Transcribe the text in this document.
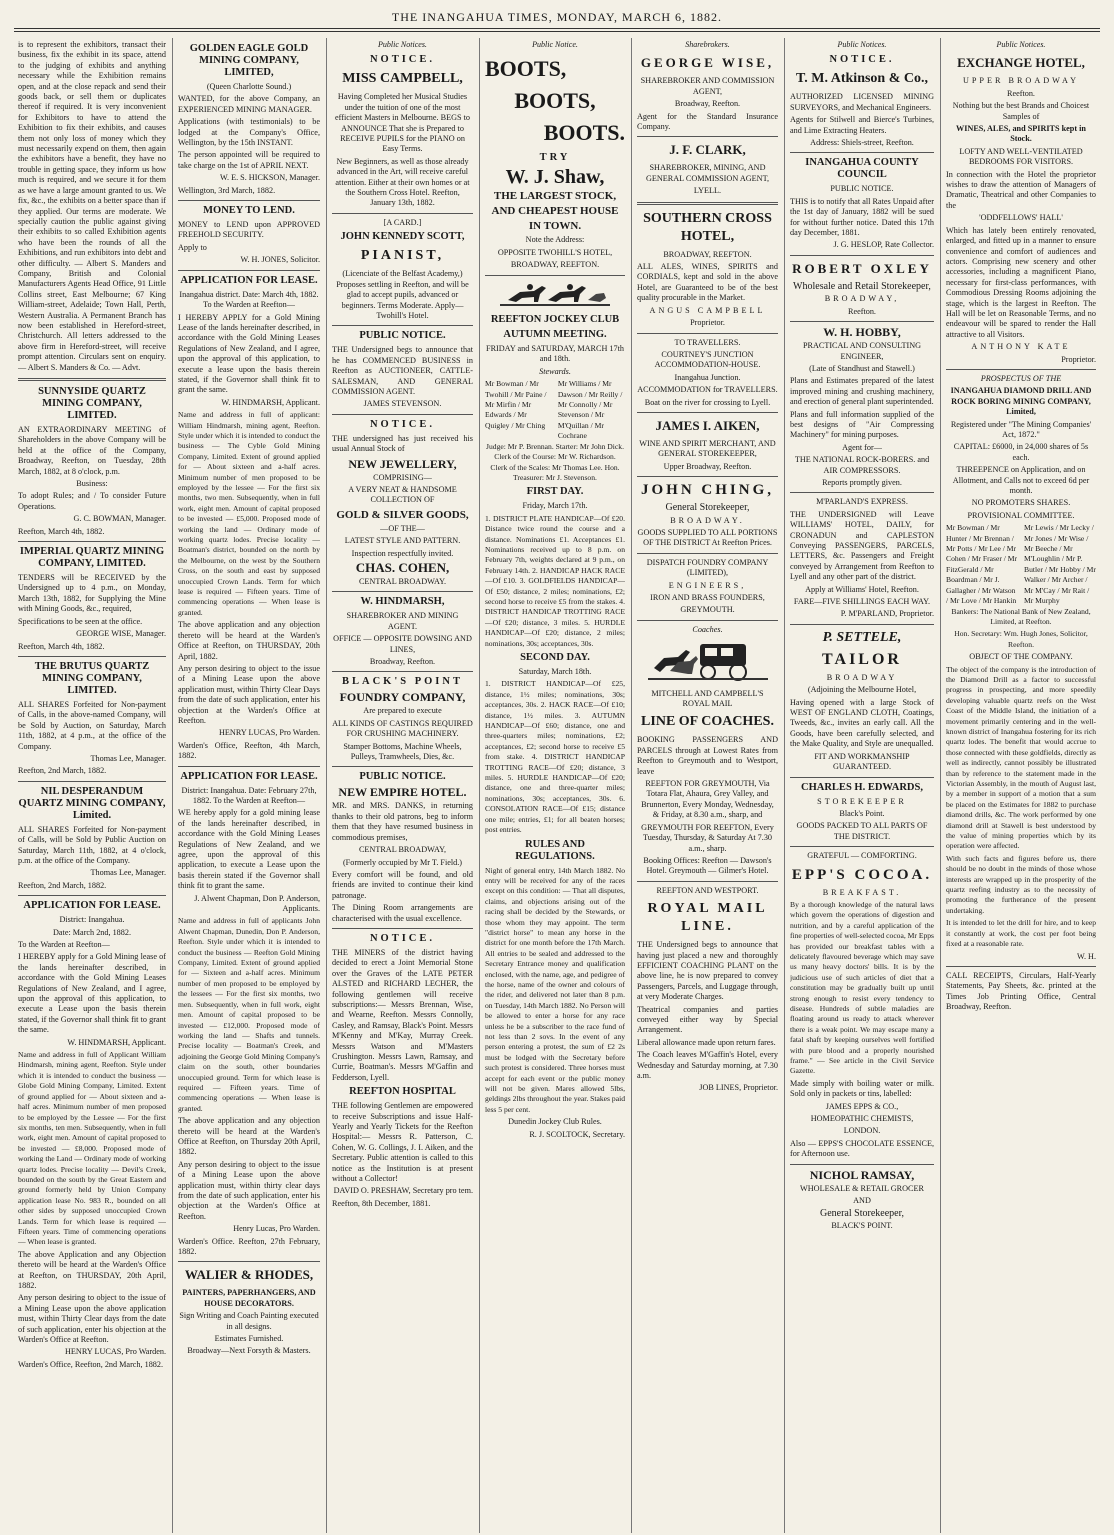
THE INANGAHUA TIMES, MONDAY, MARCH 6, 1882.

is to represent the exhibitors, transact their business, fix the exhibit in its space, attend to the judging of exhibits and anything necessary while the Exhibition remains open, and at the close repack and send their goods back, or sell them or duplicates thereof if required. It is very inconvenient for Exhibitors to have to attend the Exhibition to fix their exhibits, and causes them not only loss of money which they must necessarily expend on them, then again the exhibitors have a benefit, they have no trouble in getting space, they inform us how much is required, and we secure it for them as we have a large amount granted to us. We fix, &c., the exhibits on a better space than if they applied. Our terms are moderate. We specially caution the public against giving their exhibits to so called Exhibition agents who have been the rounds of all the Exhibitions, and run exhibitors into debt and other difficulty. — Albert S. Manders and Company, British and Colonial Manufacturers Agents Head Office, 91 Little Collins street, East Melbourne; 67 King William-street, Adelaide; Town Hall, Perth, Western Australia. A Permanent Branch has now been established in Hereford-street, Christchurch. All letters addressed to the above firm in Hereford-street, will receive prompt attention. Circulars sent on enquiry. — Albert S. Manders & Co. — Advt.

SUNNYSIDE QUARTZ MINING COMPANY, LIMITED.

AN EXTRAORDINARY MEETING of Shareholders in the above Company will be held at the office of the Company, Broadway, Reefton, on Tuesday, 28th March, 1882, at 8 o'clock, p.m.

Business:

To adopt Rules; and / To consider Future Operations.

G. C. BOWMAN, Manager.

Reefton, March 4th, 1882.

IMPERIAL QUARTZ MINING COMPANY, LIMITED.

TENDERS will be RECEIVED by the Undersigned up to 4 p.m., on Monday, March 13th, 1882, for Supplying the Mine with Mining Goods, &c., required,

Specifications to be seen at the office.

GEORGE WISE, Manager.

Reefton, March 4th, 1882.

THE BRUTUS QUARTZ MINING COMPANY, LIMITED.

ALL SHARES Forfeited for Non-payment of Calls, in the above-named Company, will be Sold by Auction, on Saturday, March 11th, 1882, at 4 p.m., at the office of the Company.

Thomas Lee, Manager.

Reefton, 2nd March, 1882.

NIL DESPERANDUM QUARTZ MINING COMPANY, Limited.

ALL SHARES Forfeited for Non-payment of Calls, will be Sold by Public Auction on Saturday, March 11th, 1882, at 4 o'clock, p.m. at the office of the Company.

Thomas Lee, Manager.

Reefton, 2nd March, 1882.

APPLICATION FOR LEASE.

District: Inangahua.

Date: March 2nd, 1882.

To the Warden at Reefton—

I HEREBY apply for a Gold Mining lease of the lands hereinafter described, in accordance with the Gold Mining Leases Regulations of New Zealand, and I agree, upon the approval of this application, to execute a Lease upon the basis therein stated, if the Governor shall think fit to grant the same.

W. HINDMARSH, Applicant.

Name and address in full of Applicant William Hindmarsh, mining agent, Reefton. Style under which it is intended to conduct the business — Globe Gold Mining Company, Limited. Extent of ground applied for — About sixteen and a-half acres. Minimum number of men proposed to be employed by the Lessee — For the first six months, ten men. Subsequently, when in full work, eight men. Amount of capital proposed to be invested — £8,000. Proposed mode of working the Land — Ordinary mode of working quartz lodes. Precise locality — Devil's Creek, bounded on the south by the Great Eastern and ground formerly held by Union Company application lease No. 983 R., bounded on all other sides by supposed unoccupied Crown Lands. Term for which lease is required — Fifteen years. Time of commencing operations — When lease is granted.

The above Application and any Objection thereto will be heard at the Warden's Office at Reefton, on THURSDAY, 20th April, 1882.

Any person desiring to object to the issue of a Mining Lease upon the above application must, within Thirty Clear days from the date of such application, enter his objection at the Warden's Office at Reefton.

HENRY LUCAS, Pro Warden.

Warden's Office, Reefton, 2nd March, 1882.

GOLDEN EAGLE GOLD MINING COMPANY, LIMITED,

(Queen Charlotte Sound.)

WANTED, for the above Company, an EXPERIENCED MINING MANAGER.

Applications (with testimonials) to be lodged at the Company's Office, Wellington, by the 15th INSTANT.

The person appointed will be required to take charge on the 1st of APRIL NEXT.

W. E. S. HICKSON, Manager.

Wellington, 3rd March, 1882.

MONEY TO LEND.

MONEY to LEND upon APPROVED FREEHOLD SECURITY.

Apply to

W. H. JONES, Solicitor.

APPLICATION FOR LEASE.

Inangahua district. Date: March 4th, 1882. To the Warden at Reefton—

I HEREBY APPLY for a Gold Mining Lease of the lands hereinafter described, in accordance with the Gold Mining Leases Regulations of New Zealand, and I agree, upon the approval of this application, to execute a lease upon the basis therein stated, if the Governor shall think fit to grant the same.

W. HINDMARSH, Applicant.

Name and address in full of applicant: William Hindmarsh, mining agent, Reefton. Style under which it is intended to conduct the business — The Cyble Gold Mining Company, Limited. Extent of ground applied for — About sixteen and a-half acres. Minimum number of men proposed to be employed by the lessee — For the first six months, two men. Subsequently, when in full work, eight men. Amount of capital proposed to be invested — £5,000. Proposed mode of working the land — Ordinary mode of working quartz lodes. Precise locality — Boatman's district, bounded on the north by the Melbourne, on the west by the Southern Cross, on the south and east by supposed unoccupied Crown Lands. Term for which lease is required — Fifteen years. Time of commencing operations — When lease is granted.

The above application and any objection thereto will be heard at the Warden's Office at Reefton, on THURSDAY, 20th April, 1882.

Any person desiring to object to the issue of a Mining Lease upon the above application must, within Thirty Clear Days from the date of such application, enter his objection at the Warden's Office at Reefton.

HENRY LUCAS, Pro Warden.

Warden's Office, Reefton, 4th March, 1882.

APPLICATION FOR LEASE.

District: Inangahua. Date: February 27th, 1882. To the Warden at Reefton—

WE hereby apply for a gold mining lease of the lands hereinafter described, in accordance with the Gold Mining Leases Regulations of New Zealand, and we agree, upon the approval of this application, to execute a Lease upon the basis therein stated if the Governor shall think fit to grant the same.

J. Alwent Chapman, Don P. Anderson, Applicants.

Name and address in full of applicants John Alwent Chapman, Dunedin, Don P. Anderson, Reefton. Style under which it is intended to conduct the business — Reefton Gold Mining Company, Limited. Extent of ground applied for — Sixteen and a-half acres. Minimum number of men proposed to be employed by the lessees — For the first six months, two men. Subsequently, when in full work, eight men. Amount of capital proposed to be invested — £12,000. Proposed mode of working the land — Shafts and tunnels. Precise locality — Boatman's Creek, and adjoining the George Gold Mining Company's claim on the south, other boundaries unoccupied ground. Term for which lease is required — Fifteen years. Time of commencing operations — When lease is granted.

The above application and any objection thereto will be heard at the Warden's Office at Reefton, on Thursday 20th April, 1882.

Any person desiring to object to the issue of a Mining Lease upon the above application must, within thirty clear days from the date of such application, enter his objection at the Warden's Office at Reefton.

Henry Lucas, Pro Warden.

Warden's Office. Reefton, 27th February, 1882.

WALIER & RHODES,

PAINTERS, PAPERHANGERS, AND HOUSE DECORATORS.

Sign Writing and Coach Painting executed in all designs.

Estimates Furnished.

Broadway—Next Forsyth & Masters.

Public Notices.
NOTICE.
MISS CAMPBELL,

Having Completed her Musical Studies under the tuition of one of the most efficient Masters in Melbourne. BEGS to ANNOUNCE That she is Prepared to RECEIVE PUPILS for the PIANO on Easy Terms.

New Beginners, as well as those already advanced in the Art, will receive careful attention. Either at their own homes or at the Southern Cross Hotel. Reefton, January 13th, 1882.

[A CARD.]

JOHN KENNEDY SCOTT,
PIANIST,

(Licenciate of the Belfast Academy,) Proposes settling in Reefton, and will be glad to accept pupils, advanced or beginners. Terms Moderate. Apply—Twohill's Hotel.

PUBLIC NOTICE.

THE Undersigned begs to announce that he has COMMENCED BUSINESS in Reefton as AUCTIONEER, CATTLE-SALESMAN, AND GENERAL COMMISSION AGENT.

JAMES STEVENSON.

NOTICE.

THE undersigned has just received his usual Annual Stock of

NEW JEWELLERY,

COMPRISING—

A VERY NEAT & HANDSOME COLLECTION OF

GOLD & SILVER GOODS,

—OF THE—

LATEST STYLE AND PATTERN.

Inspection respectfully invited.

CHAS. COHEN,

CENTRAL BROADWAY.

W. HINDMARSH,

SHAREBROKER AND MINING AGENT.

OFFICE — OPPOSITE DOWSING AND LINES,

Broadway, Reefton.

BLACK'S POINT
FOUNDRY COMPANY,

Are prepared to execute

ALL KINDS OF CASTINGS REQUIRED FOR CRUSHING MACHINERY.

Stamper Bottoms, Machine Wheels, Pulleys, Tramwheels, Dies, &c.

PUBLIC NOTICE.
NEW EMPIRE HOTEL.

MR. and MRS. DANKS, in returning thanks to their old patrons, beg to inform them that they have resumed business in commodious premises,

CENTRAL BROADWAY,

(Formerly occupied by Mr T. Field.)

Every comfort will be found, and old friends are invited to continue their kind patronage.

The Dining Room arrangements are characterised with the usual excellence.

NOTICE.

THE MINERS of the district having decided to erect a Joint Memorial Stone over the Graves of the LATE PETER ALSTED and RICHARD LECHER, the following gentlemen will receive subscriptions:— Messrs Brennan, Wise, and Wearne, Reefton. Messrs Connolly, Casley, and Ramsay, Black's Point. Messrs M'Kenny and M'Kay, Murray Creek. Messrs Watson and M'Masters Crushington. Messrs Lawn, Ramsay, and Currie, Boatman's. Messrs M'Gaffin and Fedderson, Lyell.

REEFTON HOSPITAL

THE following Gentlemen are empowered to receive Subscriptions and issue Half-Yearly and Yearly Tickets for the Reefton Hospital:— Messrs R. Patterson, C. Cohen, W. G. Collings, J. I. Aiken, and the Secretary. Public attention is called to this notice as the Institution is at present without a Collector!

DAVID O. PRESHAW, Secretary pro tem.

Reefton, 8th December, 1881.

Public Notice.
BOOTS,
BOOTS,
BOOTS.
TRY
W. J. Shaw,
THE LARGEST STOCK,
AND CHEAPEST HOUSE
IN TOWN.

Note the Address:

OPPOSITE TWOHILL'S HOTEL,

BROADWAY, REEFTON.

REEFTON JOCKEY CLUB
AUTUMN MEETING.

FRIDAY and SATURDAY, MARCH 17th and 18th.

Stewards.

Mr Bowman / Mr Twohill / Mr Paine / Mr Mirfin / Mr Edwards / Mr Quigley / Mr Ching
Mr Williams / Mr Dawson / Mr Reilly / Mr Connolly / Mr Stevenson / Mr M'Quillan / Mr Cochrane

Judge: Mr P. Brennan. Starter: Mr John Dick. Clerk of the Course: Mr W. Richardson. Clerk of the Scales: Mr Thomas Lee. Hon. Treasurer: Mr J. Stevenson.

FIRST DAY.

Friday, March 17th.

1. DISTRICT PLATE HANDICAP—Of £20. Distance twice round the course and a distance. Nominations £1. Acceptances £1. Nominations received up to 8 p.m. on February 7th, weights declared at 9 p.m., on February 14th. 2. HANDICAP HACK RACE—Of £10. 3. GOLDFIELDS HANDICAP—Of £50; distance, 2 miles; nominations, £2; second horse to receive £5 from the stakes. 4. DISTRICT HANDICAP TROTTING RACE—Of £20; distance, 3 miles. 5. HURDLE HANDICAP—Of £20; distance, 2 miles; nominations, 30s; acceptances, 30s.

SECOND DAY.

Saturday, March 18th.

1. DISTRICT HANDICAP—Of £25, distance, 1½ miles; nominations, 30s; acceptances, 30s. 2. HACK RACE—Of £10; distance, 1½ miles. 3. AUTUMN HANDICAP—Of £60; distance, one and three-quarters miles; nominations, £2; acceptances, £2; second horse to receive £5 from stake. 4. DISTRICT HANDICAP TROTTING RACE—Of £20; distance, 3 miles. 5. HURDLE HANDICAP—Of £20; distance, one and three-quarter miles; nominations, 30s; acceptances, 30s. 6. CONSOLATION RACE—Of £15; distance one mile; entries, £1; for all beaten horses; post entries.

RULES AND REGULATIONS.

Night of general entry, 14th March 1882. No entry will be received for any of the races except on this condition: — That all disputes, claims, and objections arising out of the racing shall be decided by the Stewards, or those whom they may appoint. The term "district horse" to mean any horse in the district for one month before the 17th March. All entries to be sealed and addressed to the Secretary Entrance money and qualification enclosed, with the name, age, and pedigree of the horse, name of the owner and colours of the rider, and delivered not later than 8 p.m. on Tuesday, 14th March 1882. No Person will be allowed to enter a horse for any race unless he be a subscriber to the race fund of not less than 2 sovs. In the event of any person entering a protest, the sum of £2 2s must be lodged with the Secretary before such protest is considered. Three horses must accept for each event or the public money will not be given. Mares allowed 5lbs, geldings 2lbs throughout the year. Stakes paid less 5 per cent.

Dunedin Jockey Club Rules.

R. J. SCOLTOCK, Secretary.

Sharebrokers.
GEORGE WISE,

SHAREBROKER AND COMMISSION AGENT,

Broadway, Reefton.

Agent for the Standard Insurance Company.

J. F. CLARK,

SHAREBROKER, MINING, AND GENERAL COMMISSION AGENT,

LYELL.

SOUTHERN CROSS HOTEL,

BROADWAY, REEFTON.

ALL ALES, WINES, SPIRITS and CORDIALS, kept and sold in the above Hotel, are Guaranteed to be of the best quality procurable in the Market.

ANGUS CAMPBELL

Proprietor.

TO TRAVELLERS.

COURTNEY'S JUNCTION ACCOMMODATION-HOUSE.

Inangahua Junction.

ACCOMMODATION for TRAVELLERS.

Boat on the river for crossing to Lyell.

JAMES I. AIKEN,

WINE AND SPIRIT MERCHANT, AND GENERAL STOREKEEPER,

Upper Broadway, Reefton.

JOHN CHING,

General Storekeeper,

BROADWAY.

GOODS SUPPLIED TO ALL PORTIONS OF THE DISTRICT At Reefton Prices.

DISPATCH FOUNDRY COMPANY (LIMITED),

ENGINEERS,

IRON AND BRASS FOUNDERS,

GREYMOUTH.

Coaches.

MITCHELL AND CAMPBELL'S ROYAL MAIL

LINE OF COACHES.

BOOKING PASSENGERS AND PARCELS through at Lowest Rates from Reefton to Greymouth and to Westport, leave

REEFTON FOR GREYMOUTH, Via Totara Flat, Ahaura, Grey Valley, and Brunnerton, Every Monday, Wednesday, & Friday, at 8.30 a.m., sharp, and

GREYMOUTH FOR REEFTON, Every Tuesday, Thursday, & Saturday At 7.30 a.m., sharp.

Booking Offices: Reefton — Dawson's Hotel. Greymouth — Gilmer's Hotel.

REEFTON AND WESTPORT.

ROYAL MAIL LINE.

THE Undersigned begs to announce that having just placed a new and thoroughly EFFICIENT COACHING PLANT on the above line, he is now prepared to convey Passengers, Parcels, and Luggage through, at very Moderate Charges.

Theatrical companies and parties conveyed either way by Special Arrangement.

Liberal allowance made upon return fares.

The Coach leaves M'Gaffin's Hotel, every Wednesday and Saturday morning, at 7.30 a.m.

JOB LINES, Proprietor.

Public Notices.
NOTICE.
T. M. Atkinson & Co.,

AUTHORIZED LICENSED MINING SURVEYORS, and Mechanical Engineers.

Agents for Stilwell and Bierce's Turbines, and Lime Extracting Heaters.

Address: Shiels-street, Reefton.

INANGAHUA COUNTY COUNCIL

PUBLIC NOTICE.

THIS is to notify that all Rates Unpaid after the 1st day of January, 1882 will be sued for without further notice. Dated this 17th day December, 1881.

J. G. HESLOP, Rate Collector.

ROBERT OXLEY

Wholesale and Retail Storekeeper,

BROADWAY,

Reefton.

W. H. HOBBY,

PRACTICAL AND CONSULTING ENGINEER,

(Late of Standhust and Stawell.)

Plans and Estimates prepared of the latest improved mining and crushing machinery, and erection of general plant superintended.

Plans and full information supplied of the best designs of "Air Compressing Machinery" for mining purposes.

Agent for—

THE NATIONAL ROCK-BORERS. and AIR COMPRESSORS.

Reports promptly given.

M'PARLAND'S EXPRESS.

THE UNDERSIGNED will Leave WILLIAMS' HOTEL, DAILY, for CRONADUN and CAPLESTON Conveying PASSENGERS, PARCELS, LETTERS, &c. Passengers and Freight conveyed by Arrangement from Reefton to Lyell and any other part of the district.

Apply at Williams' Hotel, Reefton.

FARE—FIVE SHILLINGS EACH WAY.

P. M'PARLAND, Proprietor.

P. SETTELE,
TAILOR

BROADWAY

(Adjoining the Melbourne Hotel,

Having opened with a large Stock of WEST OF ENGLAND CLOTH, Coatings, Tweeds, &c., invites an early call. All the Goods, have been carefully selected, and the Make Quality, and Style are unequalled.

FIT AND WORKMANSHIP GUARANTEED.

CHARLES H. EDWARDS,

STOREKEEPER

Black's Point.

GOODS PACKED TO ALL PARTS OF THE DISTRICT.

GRATEFUL — COMFORTING.

EPP'S COCOA.

BREAKFAST.

By a thorough knowledge of the natural laws which govern the operations of digestion and nutrition, and by a careful application of the fine properties of well-selected cocoa, Mr Epps has provided our breakfast tables with a delicately flavoured beverage which may save us many heavy doctors' bills. It is by the judicious use of such articles of diet that a constitution may be gradually built up until strong enough to resist every tendency to disease. Hundreds of subtle maladies are floating around us ready to attack wherever there is a weak point. We may escape many a fatal shaft by keeping ourselves well fortified with pure blood and a properly nourished frame." — See article in the Civil Service Gazette.

Made simply with boiling water or milk. Sold only in packets or tins, labelled:

JAMES EPPS & CO.,

HOMEOPATHIC CHEMISTS,

LONDON.

Also — EPPS'S CHOCOLATE ESSENCE, for Afternoon use.

NICHOL RAMSAY,

WHOLESALE & RETAIL GROCER

AND

General Storekeeper,

BLACK'S POINT.

Public Notices.
EXCHANGE HOTEL,

UPPER BROADWAY

Reefton.

Nothing but the best Brands and Choicest Samples of

WINES, ALES, and SPIRITS kept in Stock.

LOFTY AND WELL-VENTILATED BEDROOMS FOR VISITORS.

In connection with the Hotel the proprietor wishes to draw the attention of Managers of Dramatic, Theatrical and other Companies to the

'ODDFELLOWS' HALL'

Which has lately been entirely renovated, enlarged, and fitted up in a manner to ensure convenience and comfort of audiences and actors. Comprising new scenery and other accessories, including a magnificent Piano, necessary for first-class performances, with Commodious Dressing Rooms adjoining the stage, which is the largest in Reefton. The Hall will be let on Reasonable Terms, and no endeavour will be spared to render the Hall attractive to all Visitors.

ANTHONY KATE

Proprietor.

PROSPECTUS OF THE

INANGAHUA DIAMOND DRILL AND ROCK BORING MINING COMPANY, Limited,

Registered under "The Mining Companies' Act, 1872."

CAPITAL: £6000, in 24,000 shares of 5s each.

THREEPENCE on Application, and on Allotment, and Calls not to exceed 6d per month.

NO PROMOTERS SHARES.

PROVISIONAL COMMITTEE.

Mr Bowman / Mr Hunter / Mr Brennan / Mr Potts / Mr Lee / Mr Cohen / Mr Fraser / Mr FitzGerald / Mr Boardman / Mr J. Gallagher / Mr Watson / Mr Love / Mr Hankin
Mr Lewis / Mr Lecky / Mr Jones / Mr Wise / Mr Beeche / Mr M'Loughlin / Mr P. Butler / Mr Hobby / Mr Walker / Mr Archer / Mr M'Cay / Mr Rait / Mr Murphy

Bankers: The National Bank of New Zealand, Limited, at Reefton.

Hon. Secretary: Wm. Hugh Jones, Solicitor, Reefton.

OBJECT OF THE COMPANY.

The object of the company is the introduction of the Diamond Drill as a factor to successful progress in prospecting, and more speedily developing valuable quartz reefs on the West Coast of the Middle Island, the initiation of a movement primarily centering and in the well-known district of Inangahua fostering for its rich quartz lodes. The benefit that would accrue to those connected with these goldfields, directly as well as indirectly, cannot possibly be illustrated than by reference to the statement made in the Victorian Assembly, in the mouth of August last, by a member in support of a motion that a sum be placed on the Estimates for 1882 to purchase diamond drills, &c. The work performed by one diamond drill at Stawell is best understood by the value of mining properties which by its operation were affected.

With such facts and figures before us, there should be no doubt in the minds of those whose interests are wrapped up in the prosperity of the quartz reefing industry as to the necessity of promoting the furtherance of the present undertaking.

It is intended to let the drill for hire, and to keep it constantly at work, the cost per foot being fixed at a reasonable rate.

W. H.

CALL RECEIPTS, Circulars, Half-Yearly Statements, Pay Sheets, &c. printed at the Times Job Printing Office, Central Broadway, Reefton.
